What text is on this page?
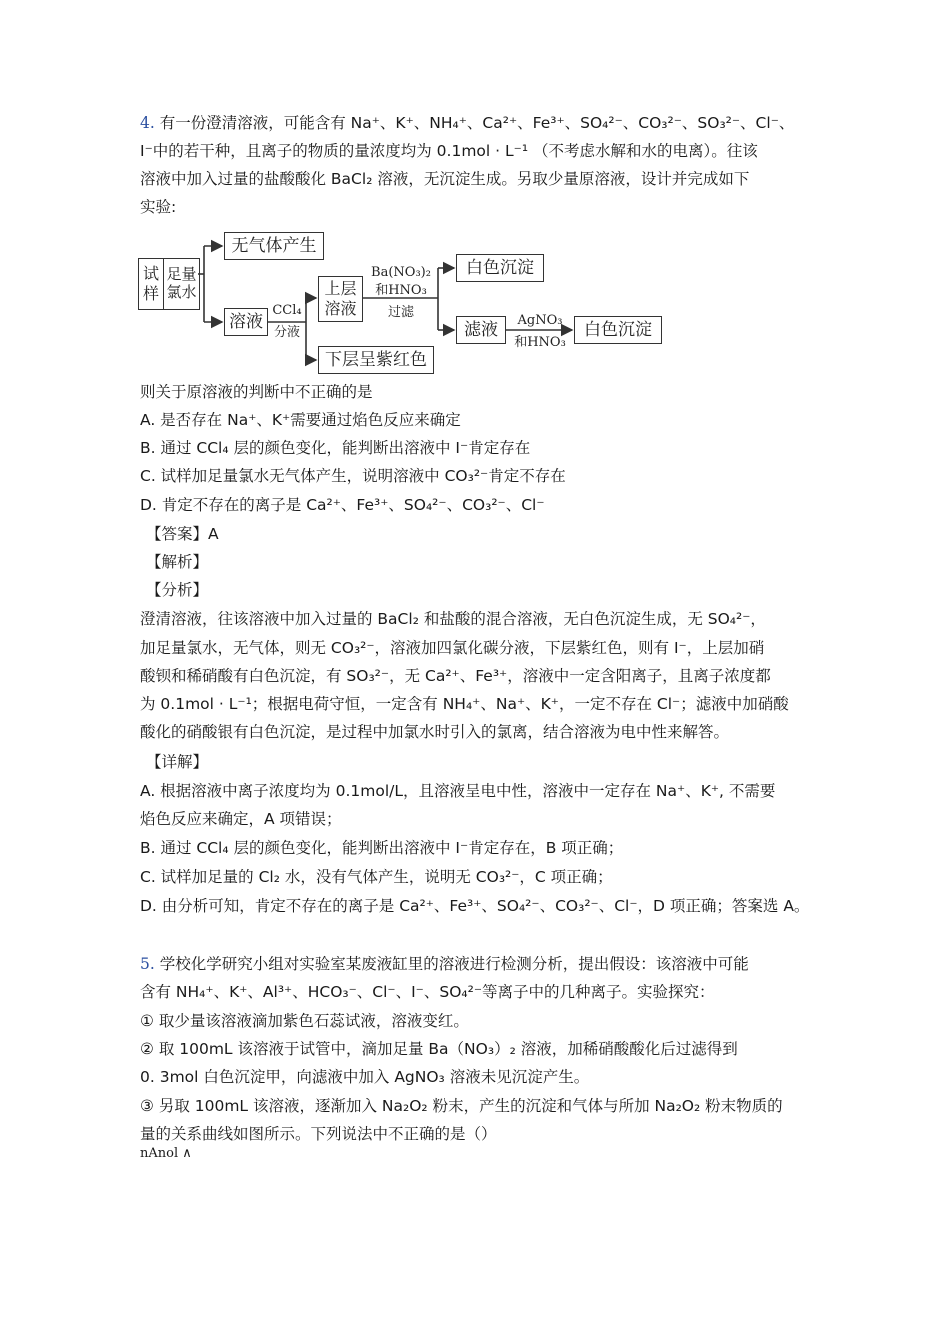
4. 有一份澄清溶液，可能含有 Na⁺、K⁺、NH₄⁺、Ca²⁺、Fe³⁺、SO₄²⁻、CO₃²⁻、SO₃²⁻、Cl⁻、
I⁻中的若干种，且离子的物质的量浓度均为 0.1mol · L⁻¹ （不考虑水解和水的电离）。往该
溶液中加入过量的盐酸酸化 BaCl₂ 溶液，无沉淀生成。另取少量原溶液，设计并完成如下
实验:
试
样
足量
氯水
无气体产生
溶液
CCl₄
分液
上层
溶液
下层呈紫红色
Ba(NO₃)₂
和HNO₃
过滤
白色沉淀
滤液	AgNO₃
和HNO₃
白色沉淀
则关于原溶液的判断中不正确的是
A. 是否存在 Na⁺、K⁺需要通过焰色反应来确定
B. 通过 CCl₄ 层的颜色变化，能判断出溶液中 I⁻肯定存在
C. 试样加足量氯水无气体产生，说明溶液中 CO₃²⁻肯定不存在
D. 肯定不存在的离子是 Ca²⁺、Fe³⁺、SO₄²⁻、CO₃²⁻、Cl⁻
【答案】A
【解析】
【分析】
澄清溶液，往该溶液中加入过量的 BaCl₂ 和盐酸的混合溶液，无白色沉淀生成，无 SO₄²⁻，
加足量氯水，无气体，则无 CO₃²⁻，溶液加四氯化碳分液，下层紫红色，则有 I⁻，上层加硝
酸钡和稀硝酸有白色沉淀，有 SO₃²⁻，无 Ca²⁺、Fe³⁺，溶液中一定含阳离子，且离子浓度都
为 0.1mol · L⁻¹；根据电荷守恒，一定含有 NH₄⁺、Na⁺、K⁺，一定不存在 Cl⁻；滤液中加硝酸
酸化的硝酸银有白色沉淀，是过程中加氯水时引入的氯离，结合溶液为电中性来解答。
【详解】
A. 根据溶液中离子浓度均为 0.1mol/L，且溶液呈电中性，溶液中一定存在 Na⁺、K⁺, 不需要
焰色反应来确定，A 项错误；
B. 通过 CCl₄ 层的颜色变化，能判断出溶液中 I⁻肯定存在，B 项正确；
C. 试样加足量的 Cl₂ 水，没有气体产生，说明无 CO₃²⁻，C 项正确；
D. 由分析可知，肯定不存在的离子是 Ca²⁺、Fe³⁺、SO₄²⁻、CO₃²⁻、Cl⁻，D 项正确；答案选 A。
5. 学校化学研究小组对实验室某废液缸里的溶液进行检测分析，提出假设：该溶液中可能
含有 NH₄⁺、K⁺、Al³⁺、HCO₃⁻、Cl⁻、I⁻、SO₄²⁻等离子中的几种离子。实验探究：
① 取少量该溶液滴加紫色石蕊试液，溶液变红。
② 取 100mL 该溶液于试管中，滴加足量 Ba（NO₃）₂ 溶液，加稀硝酸酸化后过滤得到
0. 3mol 白色沉淀甲，向滤液中加入 AgNO₃ 溶液未见沉淀产生。
③ 另取 100mL 该溶液，逐渐加入 Na₂O₂ 粉末，产生的沉淀和气体与所加 Na₂O₂ 粉末物质的
量的关系曲线如图所示。下列说法中不正确的是（）
nAnol ∧
